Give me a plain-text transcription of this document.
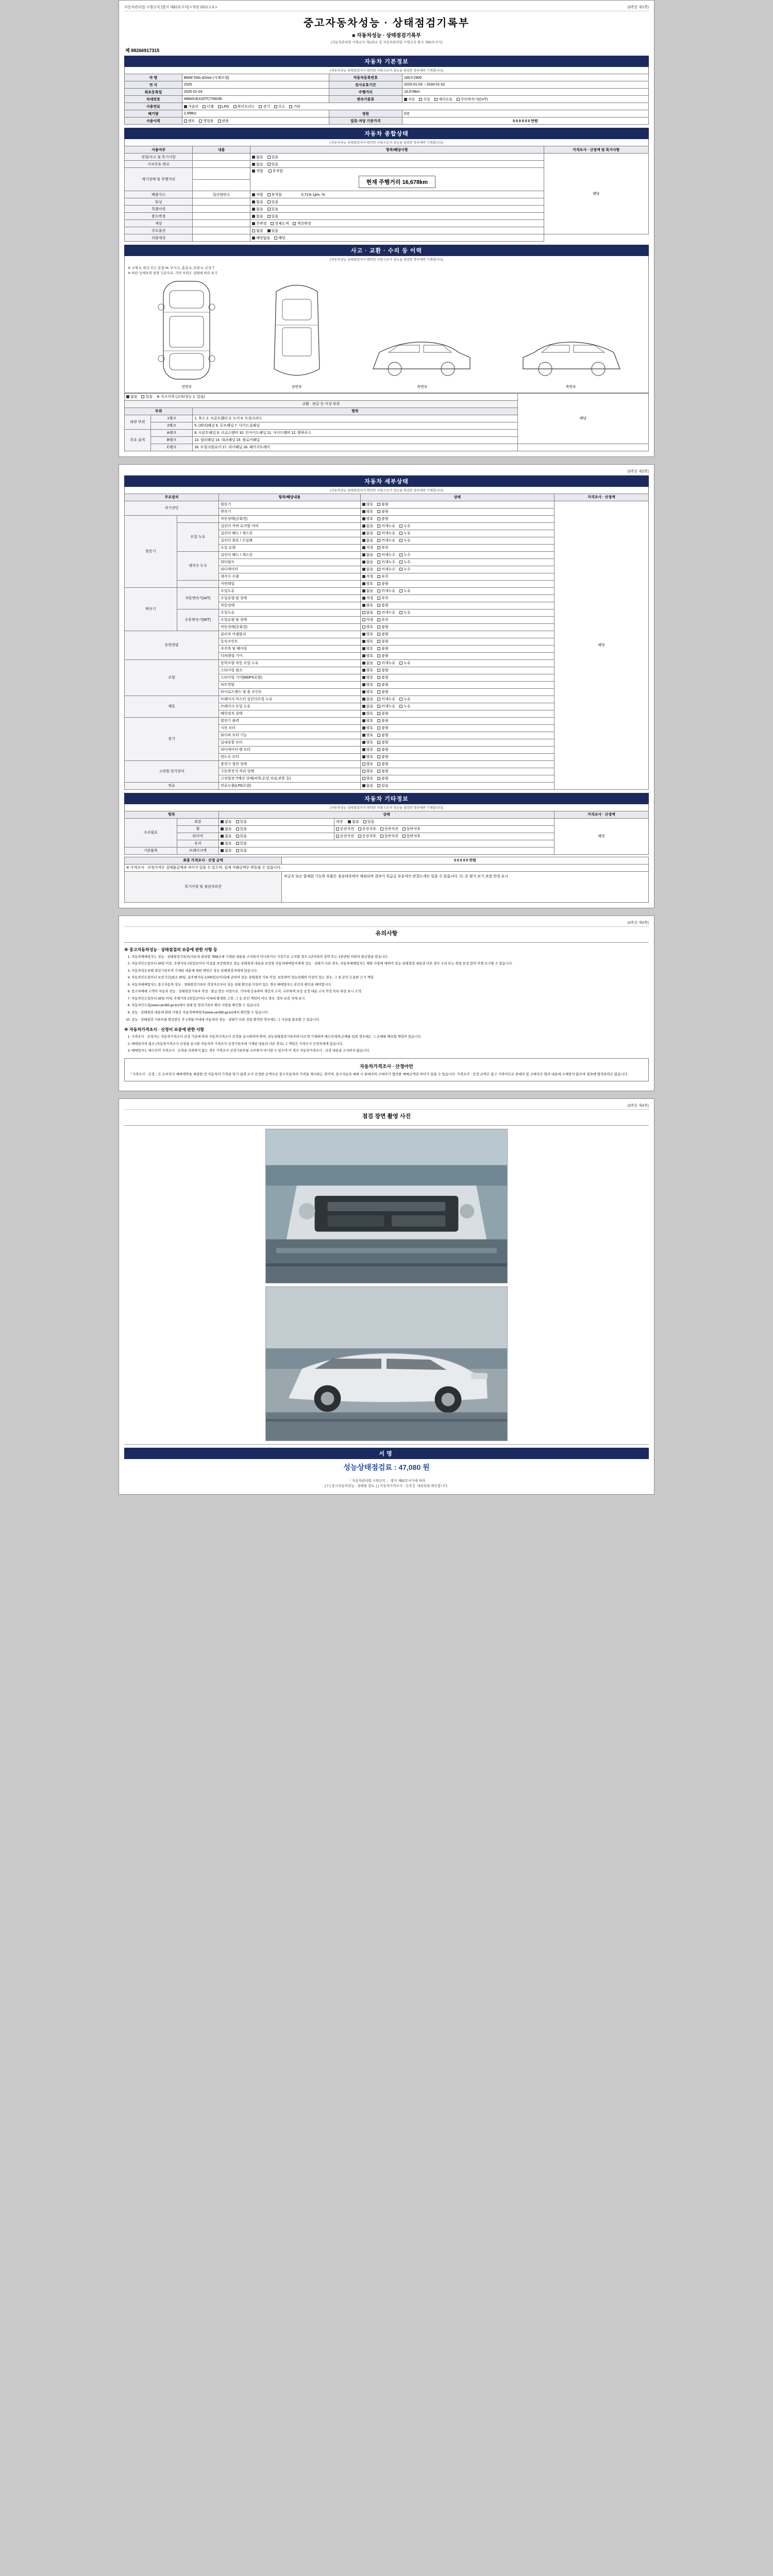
자동차관리법 시행규칙 [별지 제82호서식] <개정 2021.1.5.>	(3쪽중 제1쪽)
중고자동차성능 · 상태점검기록부
■ 자동차성능 · 상태점검기록부
(자동차관리법 시행규칙 제120조 및 자동차관리법 시행규칙 별지 제82호서식)
제 88266917315
자동차 기본정보
(자동차성능·상태점검자가 확인한 사항으로서 성능을 점검한 경우에만 기재합니다)
차 명	BMW 530i xDrive (서체모델)	자동차등록번호	180모2909
연 식	2025	검사유효기간	2025-01-03 ~ 2030-01-02
최초등록일	2025-01-03	주행거리	16,678km
차대번호	WBA51EX20TCT06036	변속기종류	자동 수동 세미오토 무단변속기(CVT)
사용연료	가솔린 디젤 LPG 하이브리드 전기 수소 기타		
배기량	2,998cc	정원	5명
사용이력	렌트 영업용 관용	압류·저당 기준가격	0 0 0 0 0 0 만원
자동차 종합상태
(자동차성능·상태점검자가 확인한 사항으로서 성능을 점검한 경우에만 기재합니다)
사용여부	내용	항목/해당사항	가격조사 · 산정액 및 특기사항
전일/사고 및 특기사항		없음 있음	해당
가치주효·변조		없음 있음	
계기상태 및 주행거리		적합 부적합
현재 주행거리 16,678km	

배출가스	일산화탄소	적합 부적합 0.71% 1pm. %	
튜닝		없음 있음	
특별이력		없음 있음	
용도변경		없음 있음	
색상		무변경 전체도색 색상변경	
주요옵션		없음 있음	
리콜대상		해당없음 해당	
사고 · 교환 · 수리 등 이력
(자동차성능·상태점검자가 확인한 사항으로서 성능을 점검한 경우에만 기재합니다)
※ 교체 X, 판금 또는 용접 W, 부식 C, 흠집 A, 요철 U, 손상 T
※ 하단 상세부위 설명 기준으로, 기타 부위도 상태에 따라 표기
전면부	상면부	측면부	측면부
없음 있음 ※ 사고이력 (교차/성능 1. 있음)			해당
교환 · 판금 등 이상 부위			
부위		항목	
외판 부위	1랭크	1. 후드 2. 프론트휀더 3. 도어 4. 트렁크리드	
	2랭크	5. (쿼터)패널 6. 루프패널 7. 사이드실패널	
주요 골격	A랭크	8. 프론트패널 9. 크로스맴버 10. 인사이드패널 11. 사이드멤버 12. 휠하우스	
	B랭크	13. 필러패널 14. 대쉬패널 15. 플로어패널	
	C랭크	16. 트렁크플로어 17. 리어패널 18. 패키지트레이	
(3쪽중 제2쪽)
자동차 세부상태
(자동차성능·상태점검자가 확인한 사항으로서 성능을 점검한 경우에만 기재합니다)
주요장치		항목/해당내용	상태	가격조사 · 산정액
자기진단		원동기	양호 불량	해당
		변속기	양호 불량	
원동기		작동상태(공회전)	양호 불량	
	오일 누유	실린더 커버 로커암 커버	없음 미세누유 누유	
		실린더 헤드 / 개스킷	없음 미세누유 누유	
		실린더 블록 / 오일팬	없음 미세누유 누유	
		오일 유량	적정 부족	
	냉각수 누수	실린더 헤드 / 개스킷	없음 미세누수 누수	
		워터펌프	없음 미세누수 누수	
		라디에이터	없음 미세누수 누수	
		냉각수 수량	적정 부족	
		커먼레일	양호 불량	
변속기	자동변속기(A/T)	오일누유	없음 미세누유 누유	
		오일유량 및 상태	적정 부족	
		작동상태	양호 불량	
	수동변속기(M/T)	오일누유	없음 미세누유 누유	
		오일유량 및 상태	적정 부족	
		작동상태(공회전)	양호 불량	
동력전달		클러치 어셈블리	양호 불량	
		등속조인트	양호 불량	
		추진축 및 베어링	양호 불량	
		디퍼렌셜 기어	양호 불량	
조향		동력조향 작동 오일 누유	없음 미세누유 누유	
		스티어링 펌프	양호 불량	
		스티어링 기어(MDPS포함)	양호 불량	
		피트먼암	양호 불량	
		타이로드엔드 및 볼 조인트	양호 불량	
제동		브레이크 마스터 실린더오일 누유	없음 미세누유 누유	
		브레이크 오일 누유	없음 미세누유 누유	
		배력장치 상태	양호 불량	
전기		발전기 출력	양호 불량	
		시동 모터	양호 불량	
		와이퍼 모터 기능	양호 불량	
		실내송풍 모터	양호 불량	
		라디에이터 팬 모터	양호 불량	
		윈도우 모터	양호 불량	
고전원 전기장치		충전구 절연 상태	양호 불량	
		구동축전지 격리 상태	양호 불량	
		고전원전기배선 상태(피복,손상,처짐,관통 등)	양호 불량	
연료		연료누출(LPG포함)	없음 있음	
자동차 기타정보
(자동차성능·상태점검자가 확인한 사항으로서 성능을 점검한 경우에만 기재합니다)
항목		상태		가격조사 · 산정액
수리필요	외장	없음 있음	내장 없음 있음	해당
	휠	없음 있음	운전석전 운전석후 동반석전 동반석후	
	타이어	없음 있음	운전석전 운전석후 동반석전 동반석후	
	유리	없음 있음		
기본품목	브레이크액	없음 있음		
최종 가격조사 · 산정 금액	0 0 0 0 0 만원
※ 가격조사 · 산정가격은 실매물금액과 차이가 있을 수 있으며, 실제 거래금액은 변동될 수 있습니다.	
특기사항 및 점검자의견	비금속 또는 합체된 기능한 부품은 점검대상에서 제외되며 결과가 특급금 부분적인 판결도세은 있을 수 있습니다. 단, 본 평가 보기 보험 한정 표시
(3쪽중 제3쪽)
유의사항
※ 중고자동차성능 · 상태점검의 보증에 관한 사항 등
1. 자동차매매업자는 성능 · 상태점검기록부(자동차 관리법 제58조에 기재된 내용을 고지하지 아니하거나 거짓으로 고지할 경우 1년이하의 징역 또는 1천만원 이하의 벌금형을 받습니다.
2. 자동차인도일부터 30일 이상, 주행거리 2천킬로미터 이상을 보증범위로 성능·상태점검 내용을 보증한 자동차매매업자에게 성능 · 상태가 다른 경우, 자동차매매업자는 해당 사항에 대하여 성능·상태점검 내용과 다른 경우 수리 또는 취업 보상 합의 이행 요구할 수 있습니다.
3. 자동차성능상태 점검기록부의 기재된 내용에 대한 책임은 성능·상태점검자에게 있습니다.
4. 자동차인도일부터 보증기간(최소 30일, 실주행거리 2,000킬로미터)에 준하여 성능·상태점검 기록 이상, 보증하여 성능상태와 이상이 있는 경우, 그 중 본인 도움한 근거 책임.
5. 자동차매매업자는 중고자동차 성능 · 상태점검기록부 작성자로부터 성능 상태 확인을 이상이 있는 경우 매매업자는 본인의 확인을 해야합니다.
6. 중고차매매 고객이 자동차 성능 · 상태점검기록부 작성 · 발급 받은 사항으로, 기타에 공유하며 개인의 고지, 교부하며 보증 공정 내용 고지 작성 목록 대상 표시 고객.
7. 자동차인도일부터 30일 이내, 주행거리 2천킬로미터 이내에 발생한 고장, 그 등 본인 책임이 아닌 경우, 정부 보증 자체 표시.
8. 자동차인도일(www.car365.go.kr)에서 상태 및 점검기록부 확인 사항을 확인할 수 있습니다.
9. 성능 · 상태점검 내용에 관한 사항은 자동차매매업자(www.car365.go.kr)에서 확인할 수 있습니다.
10. 성능 · 상태점검 기록부를 발급받은 후 1개월 이내에 자동차의 성능 · 상태가 다른 것을 발견한 경우에는 그 사실을 통보할 수 있습니다.
※ 자동차가격조사 · 산정이 보증에 관한 사항
1. 가격조사 · 산정자는 자동차가격조사 산정 기준에 따라 자동차가격조사 산정을 실시하여야 하며, 성능상태점검기록부와 다르게 기재하여 매수인에게 손해를 입힌 경우에는 그 손해를 배상할 책임이 있습니다.
2. 매매업자의 협조 (자동차가격조사 산정을 실시한 자동차의 가격조사 산정기록부에 기재된 내용과 다른 경우) 그 책임은 가격조사 산정자에게 있습니다.
3. 매매업자는 매수인이 가격조사 · 산정을 의뢰하지 않는 경우 가격조사 산정기록부를 교부하지 아니할 수 있으며 이 경우 자동차가격조사 · 산정 내용을 고지하지 않습니다.
자동차가격조사 · 산정아안
「가격조사 · 산정」은 소비자가 매매계약을 체결한 전 자동차의 가격을 알기 쉽게 조사 산정한 금액으로 중고자동차의 가격을 제시하는 것이며, 중고자동차 매매 시 판매자와 구매자가 협의한 매매금액과 차이가 있을 수 있습니다. 가격조사 · 산정 금액은 참고 가격이므로 판매자 및 구매자간 협의 내용에 구애받지 않으며 결과에 법적효력은 없습니다.
(3쪽중 제4쪽)
점검 장면 촬영 사진
서명
성능상태점검료 : 47,080 원
「 자동차관리법 시행규칙 」 별지 제82호서식에 따라
[ Y ] 중고자동차성능 · 상태를 검토, [ ] 자동차가격조사 · 산정 】 내용임을 확인합니다.
